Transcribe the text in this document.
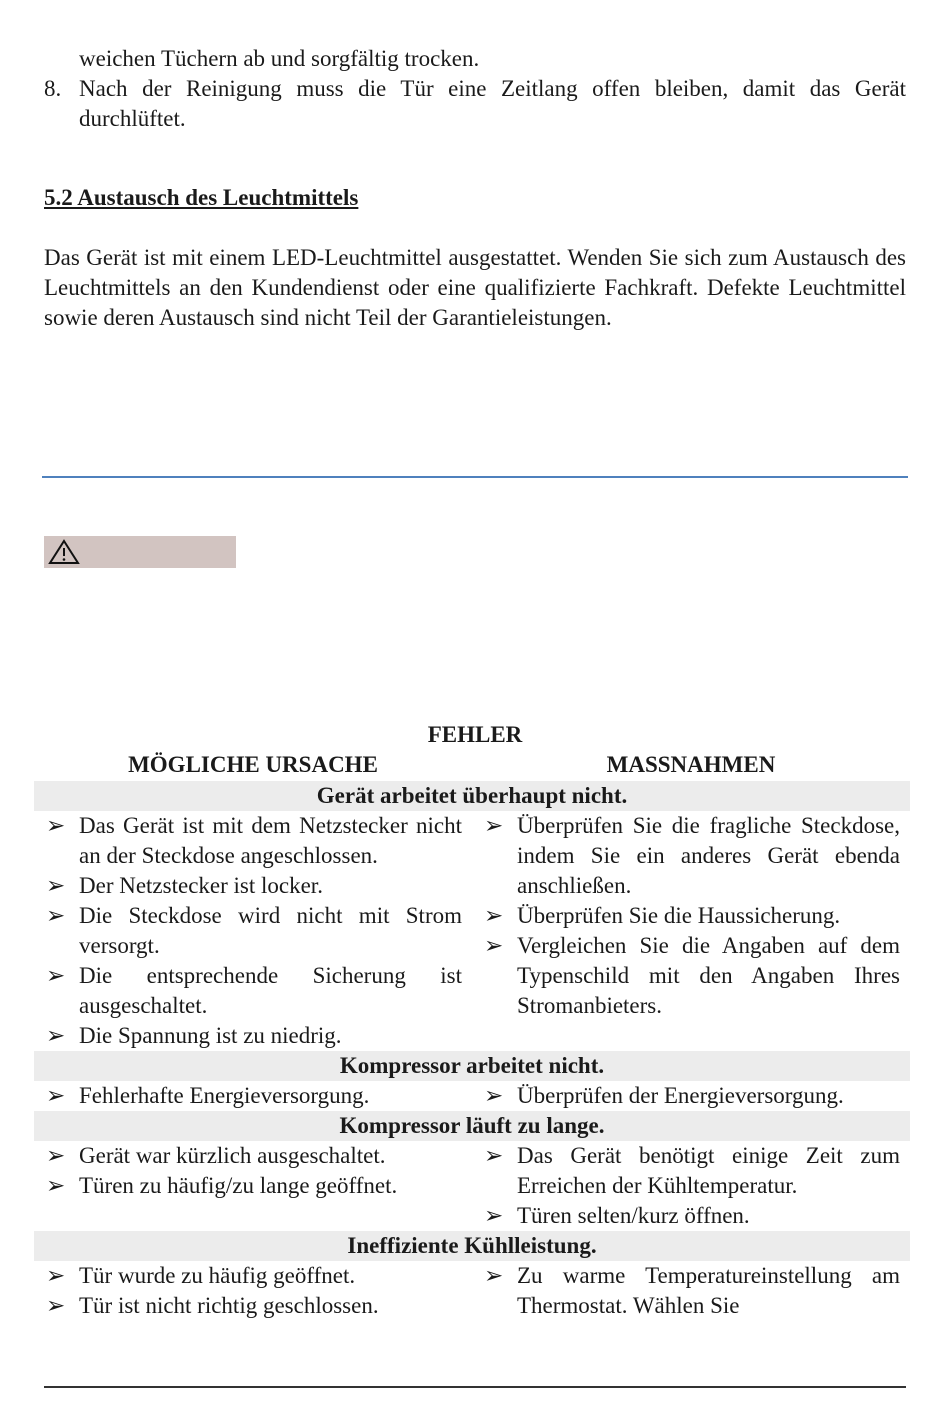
weichen Tüchern ab und sorgfältig trocken.
8. Nach der Reinigung muss die Tür eine Zeitlang offen bleiben, damit das Gerät durchlüftet.
5.2 Austausch des Leuchtmittels
Das Gerät ist mit einem LED-Leuchtmittel ausgestattet. Wenden Sie sich zum Austausch des Leuchtmittels an den Kundendienst oder eine qualifizierte Fachkraft. Defekte Leuchtmittel sowie deren Austausch sind nicht Teil der Garantieleistungen.
FEHLER
MÖGLICHE URSACHE	MASSNAHMEN
Gerät arbeitet überhaupt nicht.
➢ Das Gerät ist mit dem Netzstecker nicht an der Steckdose angeschlossen.
➢ Der Netzstecker ist locker.
➢ Die Steckdose wird nicht mit Strom versorgt.
➢ Die entsprechende Sicherung ist ausgeschaltet.
➢ Die Spannung ist zu niedrig.
➢ Überprüfen Sie die fragliche Steckdose, indem Sie ein anderes Gerät ebenda anschließen.
➢ Überprüfen Sie die Haussicherung.
➢ Vergleichen Sie die Angaben auf dem Typenschild mit den Angaben Ihres Stromanbieters.
Kompressor arbeitet nicht.
➢ Fehlerhafte Energieversorgung.	➢ Überprüfen der Energieversorgung.
Kompressor läuft zu lange.
➢ Gerät war kürzlich ausgeschaltet.
➢ Türen zu häufig/zu lange geöffnet.
➢ Das Gerät benötigt einige Zeit zum Erreichen der Kühltemperatur.
➢ Türen selten/kurz öffnen.
Ineffiziente Kühlleistung.
➢ Tür wurde zu häufig geöffnet.
➢ Tür ist nicht richtig geschlossen.
➢ Zu warme Temperatureinstellung am Thermostat. Wählen Sie
